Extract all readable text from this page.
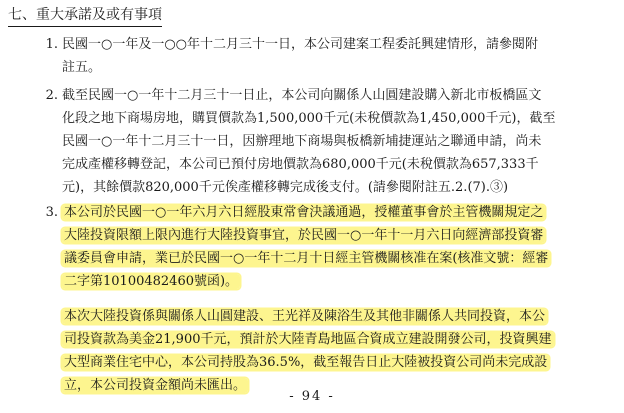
七、重大承諾及或有事項
1. 民國一○一年及一○○年十二月三十一日，本公司建案工程委託興建情形，請參閱附
註五。
2. 截至民國一○一年十二月三十一日止，本公司向關係人山圓建設購入新北市板橋區文
化段之地下商場房地，購買價款為1,500,000千元(未稅價款為1,450,000千元)，截至
民國一○一年十二月三十一日，因辦理地下商場與板橋新埔捷運站之聯通申請，尚未
完成產權移轉登記，本公司已預付房地價款為680,000千元(未稅價款為657,333千
元)，其餘價款820,000千元俟產權移轉完成後支付。(請參閱附註五.2.(7).③)
3. 本公司於民國一○一年六月六日經股東常會決議通過，授權董事會於主管機關規定之
大陸投資限額上限內進行大陸投資事宜，於民國一○一年十一月六日向經濟部投資審
議委員會申請，業已於民國一○一年十二月十日經主管機關核准在案(核准文號：經審
二字第10100482460號函)。
本次大陸投資係與關係人山圓建設、王光祥及陳浴生及其他非關係人共同投資，本公
司投資款為美金21,900千元，預計於大陸青島地區合資成立建設開發公司，投資興建
大型商業住宅中心，本公司持股為36.5%，截至報告日止大陸被投資公司尚未完成設
立，本公司投資金額尚未匯出。
- 94 -
